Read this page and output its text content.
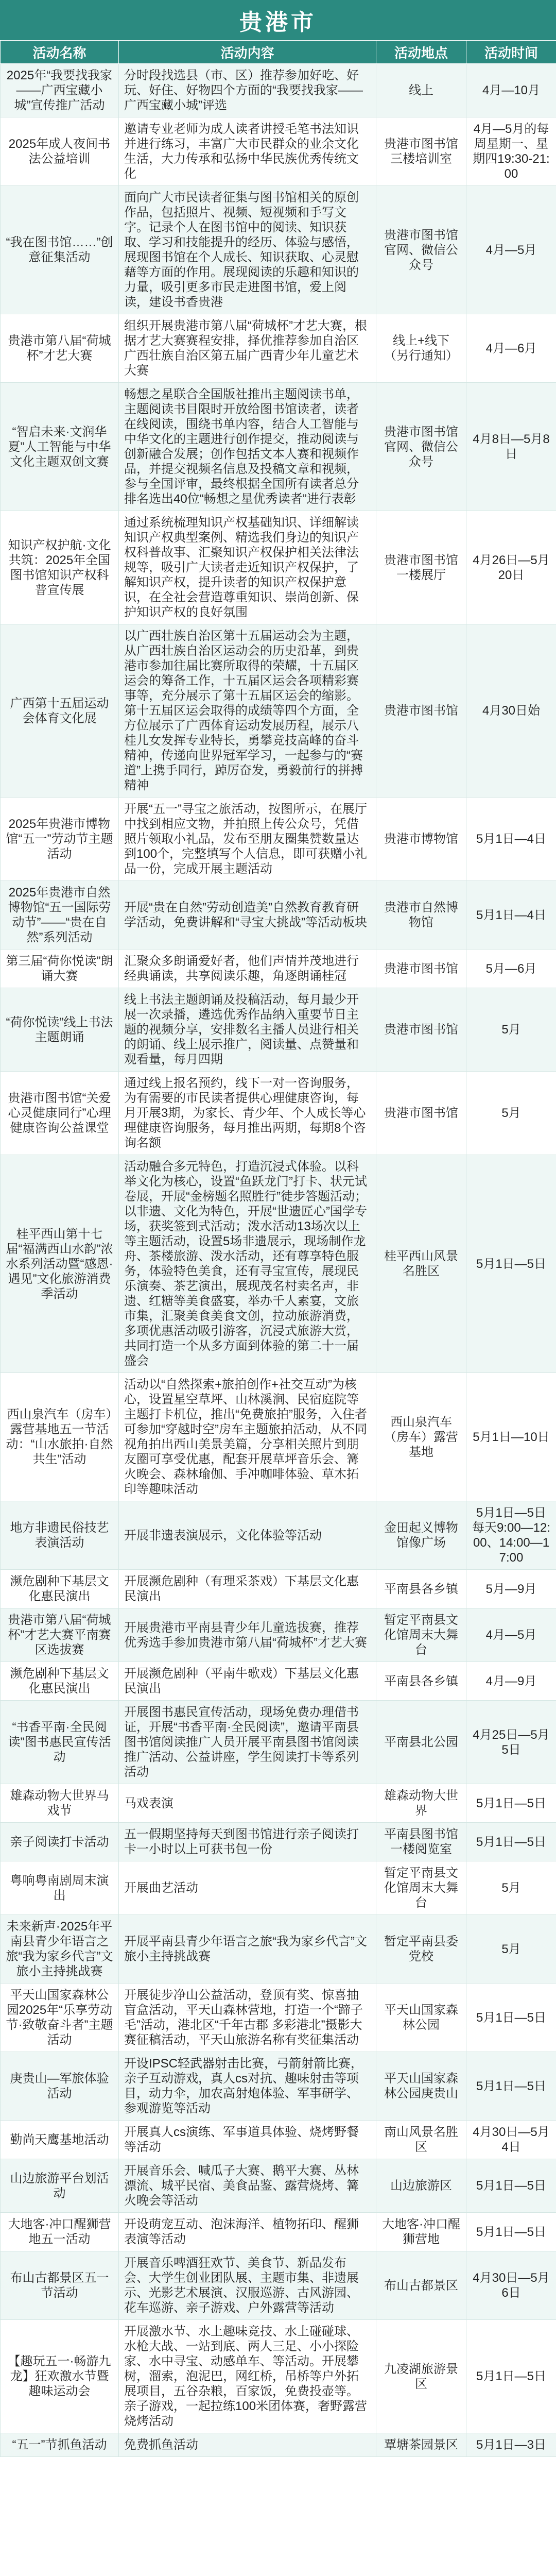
贵港市
活动名称	活动内容	活动地点	活动时间
2025年“我要找我家——广西宝藏小城”宣传推广活动	分时段找选县（市、区）推荐参加好吃、好玩、好住、好物四个方面的“我要找我家——广西宝藏小城”评选	线上	4月—10月
2025年成人夜间书法公益培训	邀请专业老师为成人读者讲授毛笔书法知识并进行练习，丰富广大市民群众的业余文化生活，大力传承和弘扬中华民族优秀传统文化	贵港市图书馆三楼培训室	4月—5月的每周星期一、星期四19:30-21:00
“我在图书馆……”创意征集活动	面向广大市民读者征集与图书馆相关的原创作品，包括照片、视频、短视频和手写文字。记录个人在图书馆中的阅读、知识获取、学习和技能提升的经历、体验与感悟，展现图书馆在个人成长、知识获取、心灵慰藉等方面的作用。展现阅读的乐趣和知识的力量，吸引更多市民走进图书馆，爱上阅读，建设书香贵港	贵港市图书馆官网、微信公众号	4月—5月
贵港市第八届“荷城杯”才艺大赛	组织开展贵港市第八届“荷城杯”才艺大赛，根据才艺大赛赛程安排，择优推荐参加自治区广西壮族自治区第五届广西青少年儿童艺术大赛	线上+线下（另行通知）	4月—6月
“智启未来·文润华夏”人工智能与中华文化主题双创文赛	畅想之星联合全国版社推出主题阅读书单，主题阅读书目限时开放给图书馆读者，读者在线阅读，围绕书单内容，结合人工智能与中华文化的主题进行创作提交，推动阅读与创新融合发展；创作包括文本人赛和视频作品，并提交视频名信息及投稿文章和视频，参与全国评审，最终根据全国所有读者总分排名选出40位“畅想之星优秀读者”进行表彰	贵港市图书馆官网、微信公众号	4月8日—5月8日
知识产权护航·文化共筑：2025年全国图书馆知识产权科普宣传展	通过系统梳理知识产权基础知识、详细解读知识产权典型案例、精选我们身边的知识产权科普故事、汇聚知识产权保护相关法律法规等，吸引广大读者走近知识产权保护，了解知识产权，提升读者的知识产权保护意识，在全社会营造尊重知识、崇尚创新、保护知识产权的良好氛围	贵港市图书馆一楼展厅	4月26日—5月20日
广西第十五届运动会体育文化展	以广西壮族自治区第十五届运动会为主题，从广西壮族自治区运动会的历史沿革，到贵港市参加往届比赛所取得的荣耀，十五届区运会的筹备工作，十五届区运会各项精彩赛事等，充分展示了第十五届区运会的缩影。第十五届区运会取得的成绩等四个方面，全方位展示了广西体育运动发展历程，展示八桂儿女发挥专业特长，勇攀竞技高峰的奋斗精神，传递向世界冠军学习，一起参与的“赛道”上携手同行，踔厉奋发，勇毅前行的拼搏精神	贵港市图书馆	4月30日始
2025年贵港市博物馆“五一”劳动节主题活动	开展“五一”寻宝之旅活动，按图所示，在展厅中找到相应文物，并拍照上传公众号，凭借照片领取小礼品，发布至朋友圈集赞数量达到100个，完整填写个人信息，即可获赠小礼品一份，完成开展主题活动	贵港市博物馆	5月1日—4日
2025年贵港市自然博物馆“五一国际劳动节”——“贵在自然”系列活动	开展“贵在自然”劳动创造美”自然教育教育研学活动，免费讲解和“寻宝大挑战”等活动板块	贵港市自然博物馆	5月1日—4日
第三届“荷你悦读”朗诵大赛	汇聚众多朗诵爱好者，他们声情并茂地进行经典诵读，共享阅读乐趣，角逐朗诵桂冠	贵港市图书馆	5月—6月
“荷你悦读”线上书法主题朗诵	线上书法主题朗诵及投稿活动，每月最少开展一次录播，遴选优秀作品纳入重要节日主题的视频分享，安排数名主播人员进行相关的朗诵、线上展示推广，阅读量、点赞量和观看量，每月四期	贵港市图书馆	5月
贵港市图书馆“关爱心灵健康同行”心理健康咨询公益课堂	通过线上报名预约，线下一对一咨询服务，为有需要的市民读者提供心理健康咨询，每月开展3期，为家长、青少年、个人成长等心理健康咨询服务，每月推出两期，每期8个咨询名额	贵港市图书馆	5月
桂平西山第十七届“福满西山水韵”浓水系列活动暨“感恩·遇见”文化旅游消费季活动	活动融合多元特色，打造沉浸式体验。以科举文化为核心，设置“鱼跃龙门”打卡、状元试卷展，开展“金榜题名照胜行”徒步答题活动；以非遗、文化为特色，开展“世遗匠心”国学专场，获奖签到式活动；泼水活动13场次以上等主题活动，设置5场非遗展示，现场制作龙舟、茶楼旅游、泼水活动，还有尊享特色服务，体验特色美食，还有寻宝宣传，展现民乐演奏、茶艺演出，展现茂名村卖名声，非遗、红糖等美食盛宴，举办千人素宴，文旅市集，汇聚美食美食文创，拉动旅游消费，多项优惠活动吸引游客，沉浸式旅游大赏，共同打造一个从多方面到体验的第二十一届盛会	桂平西山风景名胜区	5月1日—5日
西山泉汽车（房车）露营基地五一节活动：“山水旅拍·自然共生”活动	活动以“自然探索+旅拍创作+社交互动”为核心，设置星空草坪、山林溪涧、民宿庭院等主题打卡机位，推出“免费旅拍”服务，入住者可参加“穿越时空”房车主题旅拍活动，从不同视角拍出西山美景美篇，分享相关照片到朋友圈可享受优惠，配套开展草坪音乐会、篝火晚会、森林瑜伽、手冲咖啡体验、草木拓印等趣味活动	西山泉汽车（房车）露营基地	5月1日—10日
地方非遗民俗技艺表演活动	开展非遗表演展示，文化体验等活动	金田起义博物馆像广场	5月1日—5日每天9:00—12:00、14:00—17:00
濒危剧种下基层文化惠民演出	开展濒危剧种（有理采茶戏）下基层文化惠民演出	平南县各乡镇	5月—9月
贵港市第八届“荷城杯”才艺大赛平南赛区选拔赛	开展贵港市平南县青少年儿童选拔赛，推荐优秀选手参加贵港市第八届“荷城杯”才艺大赛	暂定平南县文化馆周末大舞台	4月—5月
濒危剧种下基层文化惠民演出	开展濒危剧种（平南牛歌戏）下基层文化惠民演出	平南县各乡镇	4月—9月
“书香平南·全民阅读”图书惠民宣传活动	开展图书惠民宣传活动，现场免费办理借书证，开展“书香平南·全民阅读”，邀请平南县图书馆阅读推广人员开展平南县图书馆阅读推广活动、公益讲座，学生阅读打卡等系列活动	平南县北公园	4月25日—5月5日
雄森动物大世界马戏节	马戏表演	雄森动物大世界	5月1日—5日
亲子阅读打卡活动	五一假期坚持每天到图书馆进行亲子阅读打卡一小时以上可获书包一份	平南县图书馆一楼阅览室	5月1日—5日
粤响粤南剧周末演出	开展曲艺活动	暂定平南县文化馆周末大舞台	5月
未来新声·2025年平南县青少年语言之旅“我为家乡代言”文旅小主持挑战赛	开展平南县青少年语言之旅“我为家乡代言”文旅小主持挑战赛	暂定平南县委党校	5月
平天山国家森林公园2025年“乐享劳动节·致敬奋斗者”主题活动	开展徒步净山公益活动，登顶有奖、惊喜抽盲盒活动，平天山森林营地，打造一个“蹄子毛”活动，港北区“千年古郡 多彩港北”摄影大赛征稿活动，平天山旅游名称有奖征集活动	平天山国家森林公园	5月1日—5日
庚贵山—军旅体验活动	开设IPSC轻武器射击比赛，弓箭射箭比赛，亲子互动游戏，真人cs对抗、趣味射击等项目，动力伞，加农高射炮体验、军事研学、参观游览等活动	平天山国家森林公园庚贵山	5月1日—5日
勤尚天鹰基地活动	开展真人cs演练、军事道具体验、烧烤野餐等活动	南山风景名胜区	4月30日—5月4日
山边旅游平台划活动	开展音乐会、喊瓜子大赛、鹅平大赛、丛林漂流、城平民宿、美食品鉴、露营烧烤、篝火晚会等活动	山边旅游区	5月1日—5日
大地客·冲口醒狮营地五一活动	开设萌宠互动、泡沫海洋、植物拓印、醒狮表演等活动	大地客·冲口醒狮营地	5月1日—5日
布山古都景区五一节活动	开展音乐啤酒狂欢节、美食节、新品发布会、大学生创业团队展、主题市集、非遗展示、光影艺术展演、汉服巡游、古风游园、花车巡游、亲子游戏、户外露营等活动	布山古都景区	4月30日—5月6日
【趣玩五一·畅游九龙】狂欢激水节暨趣味运动会	开展激水节、水上趣味竞技、水上碰碰球、水枪大战、一站到底、两人三足、小小探险家、水中寻宝、动感单车、等活动。开展攀树，溜索，泡泥巴，网红桥，吊桥等户外拓展项目，五谷杂粮，百家饭，免费投壶等。亲子游戏，一起拉练100米团体赛，奢野露营烧烤活动	九凌湖旅游景区	5月1日—5日
“五一”节抓鱼活动	免费抓鱼活动	覃塘茶园景区	5月1日—3日
